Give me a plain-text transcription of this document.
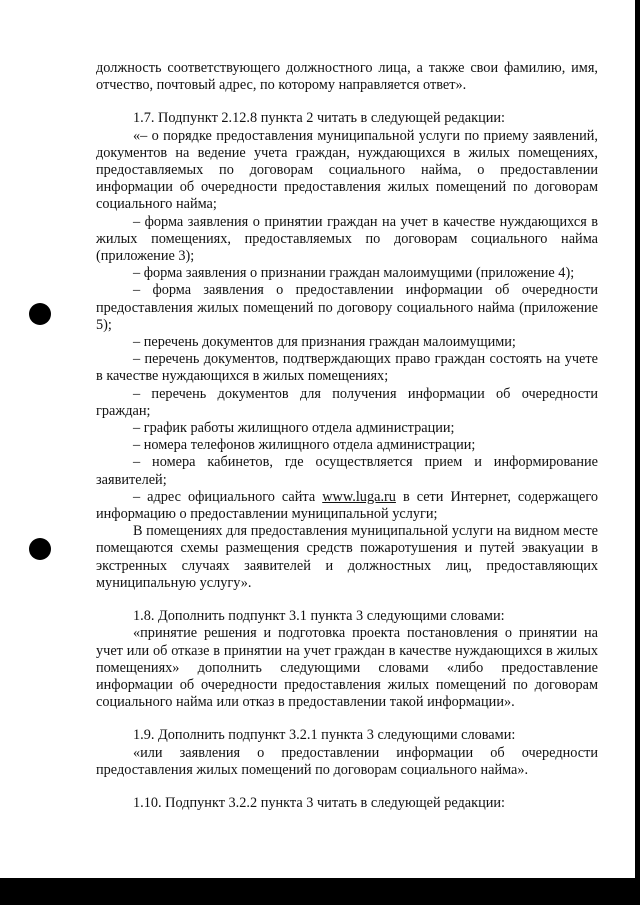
должность соответствующего должностного лица, а также свои фамилию, имя, отчество, почтовый адрес, по которому направляется ответ».

1.7. Подпункт 2.12.8 пункта 2 читать в следующей редакции:

«– о порядке предоставления муниципальной услуги по приему заявлений, документов на ведение учета граждан, нуждающихся в жилых помещениях, предоставляемых по договорам социального найма, о предоставлении информации об очередности предоставления жилых помещений по договорам социального найма;

– форма заявления о принятии граждан на учет в качестве нуждающихся в жилых помещениях, предоставляемых по договорам социального найма (приложение 3);

– форма заявления о признании граждан малоимущими (приложение 4);

– форма заявления о предоставлении информации об очередности предоставления жилых помещений по договору социального найма (приложение 5);

– перечень документов для признания граждан малоимущими;

– перечень документов, подтверждающих право граждан состоять на учете в качестве нуждающихся в жилых помещениях;

– перечень документов для получения информации об очередности граждан;

– график работы жилищного отдела администрации;

– номера телефонов жилищного отдела администрации;

– номера кабинетов, где осуществляется прием и информирование заявителей;

– адрес официального сайта www.luga.ru в сети Интернет, содержащего информацию о предоставлении муниципальной услуги;

В помещениях для предоставления муниципальной услуги на видном месте помещаются схемы размещения средств пожаротушения и путей эвакуации в экстренных случаях заявителей и должностных лиц, предоставляющих муниципальную услугу».

1.8. Дополнить подпункт 3.1 пункта 3 следующими словами:

«принятие решения и подготовка проекта постановления о принятии на учет или об отказе в принятии на учет граждан в качестве нуждающихся в жилых помещениях» дополнить следующими словами «либо предоставление информации об очередности предоставления жилых помещений по договорам социального найма или отказ в предоставлении такой информации».

1.9. Дополнить подпункт 3.2.1 пункта 3 следующими словами:

«или заявления о предоставлении информации об очередности предоставления жилых помещений по договорам социального найма».

1.10. Подпункт 3.2.2 пункта 3 читать в следующей редакции:
